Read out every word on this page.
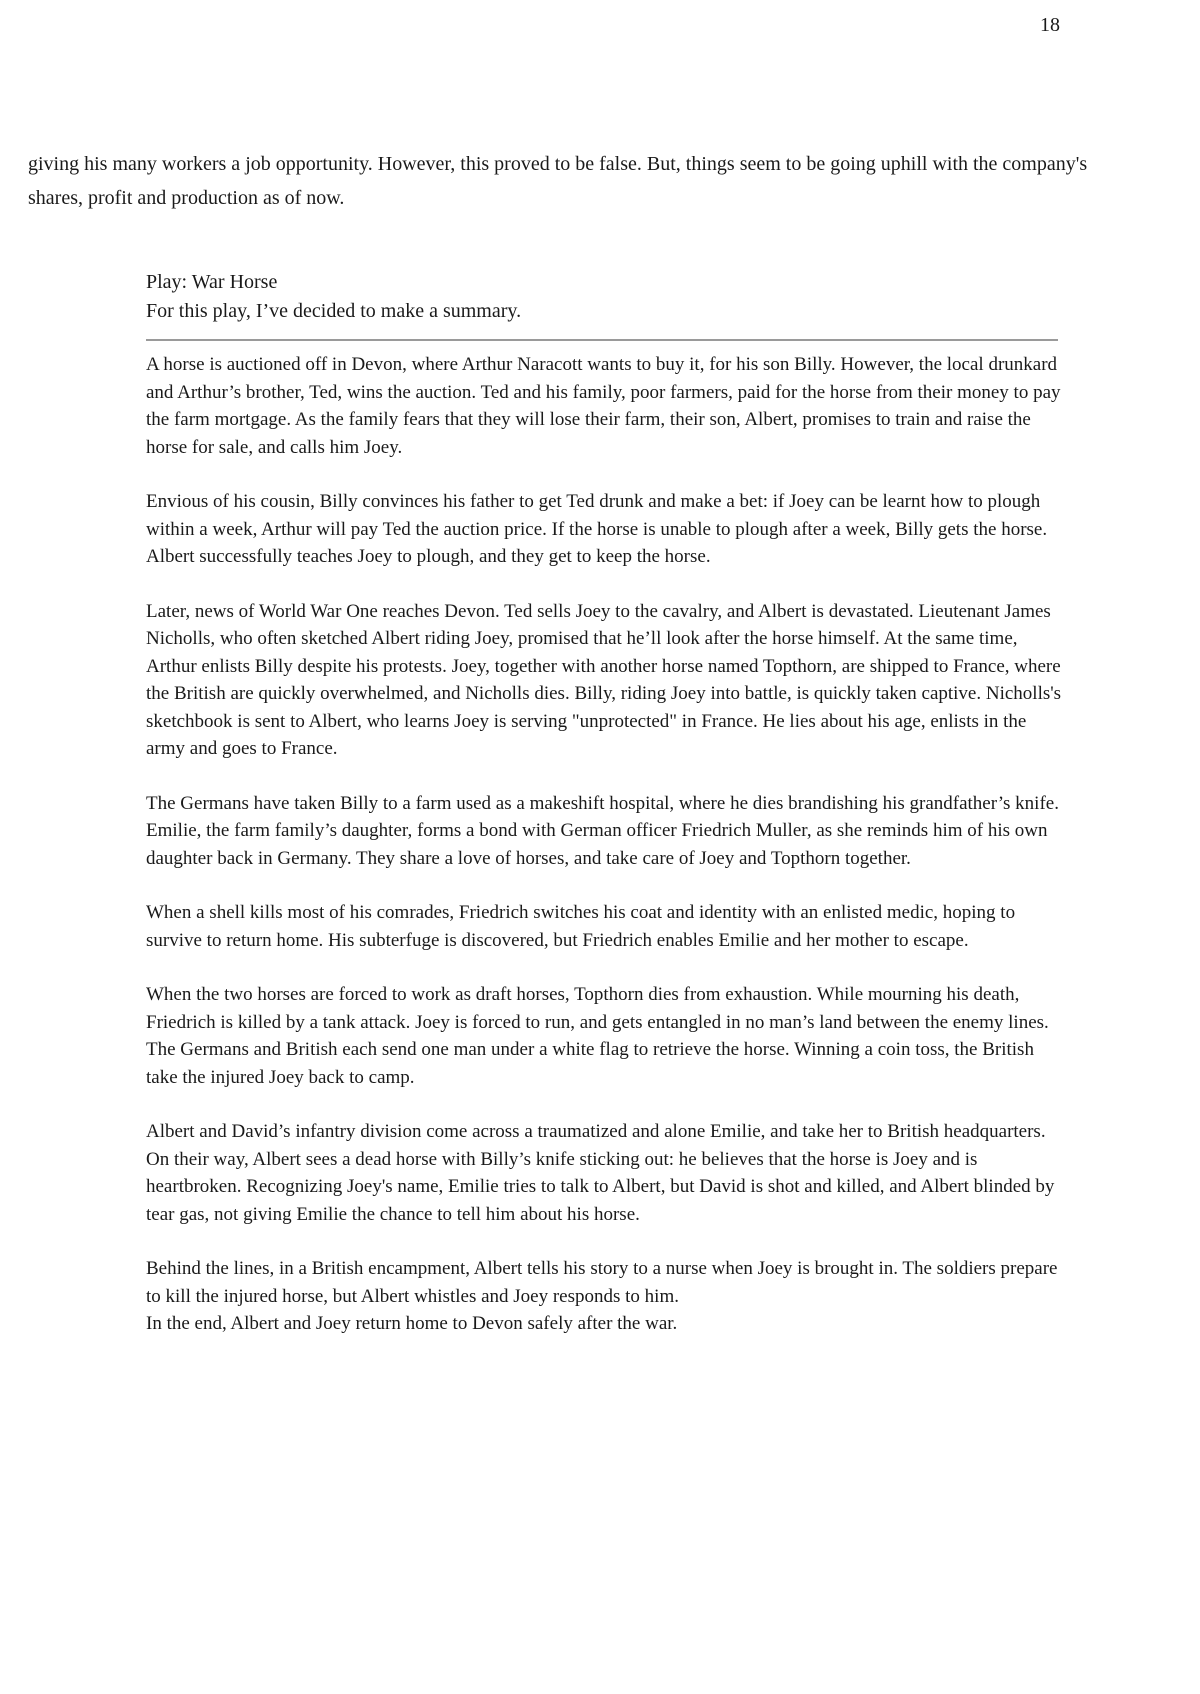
18

giving his many workers a job opportunity. However, this proved to be false. But, things seem to be going uphill with the company's shares, profit and production as of now.

Play: War Horse

For this play, I’ve decided to make a summary.

A horse is auctioned off in Devon, where Arthur Naracott wants to buy it, for his son Billy. However, the local drunkard and Arthur’s brother, Ted, wins the auction. Ted and his family, poor farmers, paid for the horse from their money to pay the farm mortgage. As the family fears that they will lose their farm, their son, Albert, promises to train and raise the horse for sale, and calls him Joey.

Envious of his cousin, Billy convinces his father to get Ted drunk and make a bet: if Joey can be learnt how to plough within a week, Arthur will pay Ted the auction price. If the horse is unable to plough after a week, Billy gets the horse. Albert successfully teaches Joey to plough, and they get to keep the horse.

Later, news of World War One reaches Devon. Ted sells Joey to the cavalry, and Albert is devastated. Lieutenant James Nicholls, who often sketched Albert riding Joey, promised that he’ll look after the horse himself. At the same time, Arthur enlists Billy despite his protests. Joey, together with another horse named Topthorn, are shipped to France, where the British are quickly overwhelmed, and Nicholls dies. Billy, riding Joey into battle, is quickly taken captive. Nicholls's sketchbook is sent to Albert, who learns Joey is serving "unprotected" in France. He lies about his age, enlists in the army and goes to France.

The Germans have taken Billy to a farm used as a makeshift hospital, where he dies brandishing his grandfather’s knife. Emilie, the farm family’s daughter, forms a bond with German officer Friedrich Muller, as she reminds him of his own daughter back in Germany. They share a love of horses, and take care of Joey and Topthorn together.

When a shell kills most of his comrades, Friedrich switches his coat and identity with an enlisted medic, hoping to survive to return home. His subterfuge is discovered, but Friedrich enables Emilie and her mother to escape.

When the two horses are forced to work as draft horses, Topthorn dies from exhaustion. While mourning his death, Friedrich is killed by a tank attack. Joey is forced to run, and gets entangled in no man’s land between the enemy lines. The Germans and British each send one man under a white flag to retrieve the horse. Winning a coin toss, the British take the injured Joey back to camp.

Albert and David’s infantry division come across a traumatized and alone Emilie, and take her to British headquarters. On their way, Albert sees a dead horse with Billy’s knife sticking out: he believes that the horse is Joey and is heartbroken. Recognizing Joey's name, Emilie tries to talk to Albert, but David is shot and killed, and Albert blinded by tear gas, not giving Emilie the chance to tell him about his horse.

Behind the lines, in a British encampment, Albert tells his story to a nurse when Joey is brought in. The soldiers prepare to kill the injured horse, but Albert whistles and Joey responds to him.
In the end, Albert and Joey return home to Devon safely after the war.
